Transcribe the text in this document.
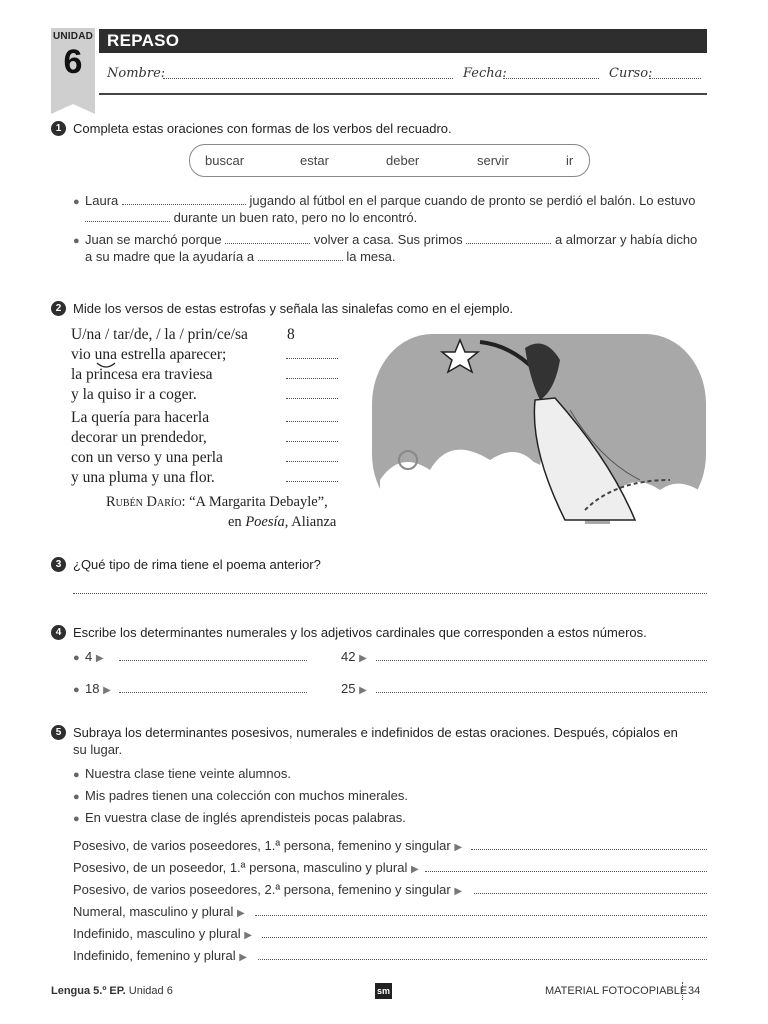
UNIDAD
6
REPASO
Nombre:	Fecha:	Curso:
1 Completa estas oraciones con formas de los verbos del recuadro.
buscar	estar	deber	servir	ir
● Laura	jugando al fútbol en el parque cuando de pronto se perdió el balón. Lo estuvo
durante un buen rato, pero no lo encontró.
● Juan se marchó porque	volver a casa. Sus primos	a almorzar y había dicho
a su madre que la ayudaría a	la mesa.
2 Mide los versos de estas estrofas y señala las sinalefas como en el ejemplo.
U/na / tar/de, / la / prin/ce/sa	8
vio una estrella aparecer;
la princesa era traviesa
y la quiso ir a coger.
La quería para hacerla
decorar un prendedor,
con un verso y una perla
y una pluma y una flor.
Rubén Darío: “A Margarita Debayle”,
en Poesía, Alianza
3 ¿Qué tipo de rima tiene el poema anterior?
4 Escribe los determinantes numerales y los adjetivos cardinales que corresponden a estos números.
● 4 ▶	42 ▶
● 18 ▶	25 ▶
5 Subraya los determinantes posesivos, numerales e indefinidos de estas oraciones. Después, cópialos en
su lugar.
● Nuestra clase tiene veinte alumnos.
● Mis padres tienen una colección con muchos minerales.
● En vuestra clase de inglés aprendisteis pocas palabras.
Posesivo, de varios poseedores, 1.ª persona, femenino y singular ▶
Posesivo, de un poseedor, 1.ª persona, masculino y plural ▶
Posesivo, de varios poseedores, 2.ª persona, femenino y singular ▶
Numeral, masculino y plural ▶
Indefinido, masculino y plural ▶
Indefinido, femenino y plural ▶
Lengua 5.º EP. Unidad 6	sm	MATERIAL FOTOCOPIABLE 34
